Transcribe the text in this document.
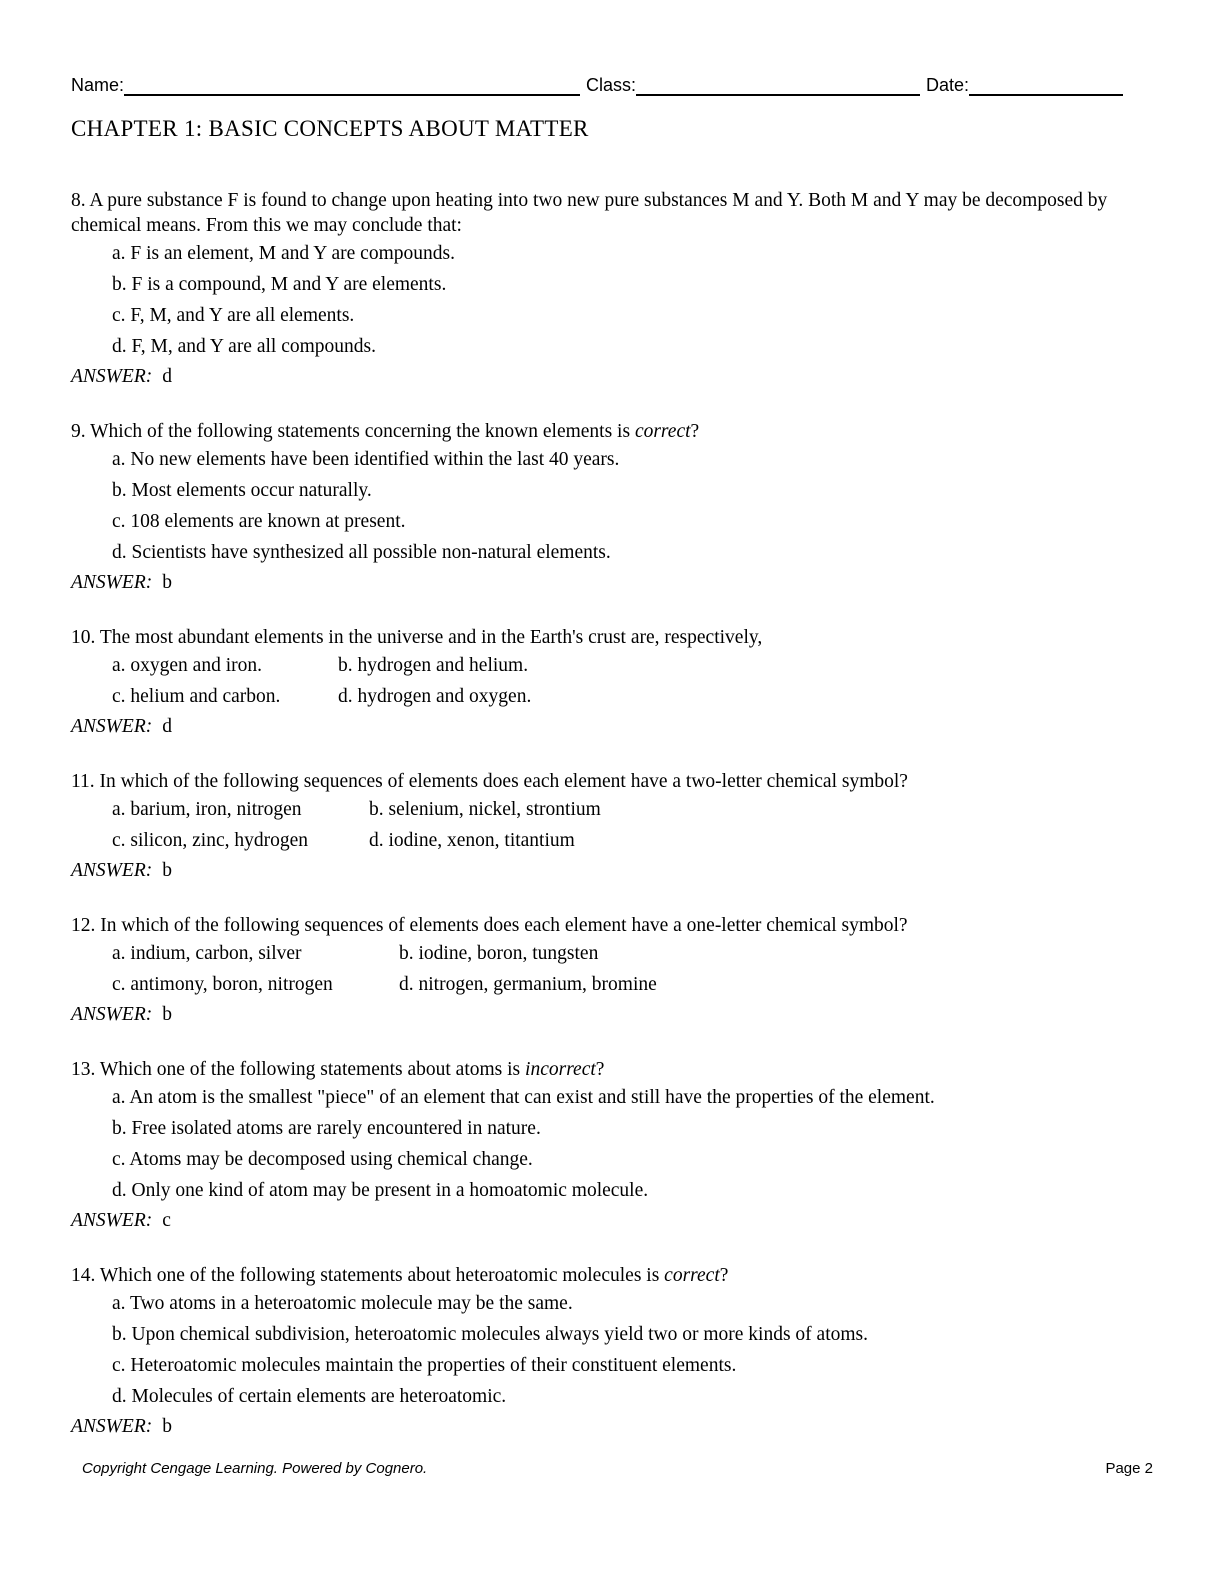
Name:	Class:	Date:
CHAPTER 1: BASIC CONCEPTS ABOUT MATTER

8. A pure substance F is found to change upon heating into two new pure substances M and Y. Both M and Y may be decomposed by chemical means. From this we may conclude that:

a. F is an element, M and Y are compounds.
b. F is a compound, M and Y are elements.
c. F, M, and Y are all elements.
d. F, M, and Y are all compounds.
ANSWER: d

9. Which of the following statements concerning the known elements is correct?

a. No new elements have been identified within the last 40 years.
b. Most elements occur naturally.
c. 108 elements are known at present.
d. Scientists have synthesized all possible non-natural elements.
ANSWER: b

10. The most abundant elements in the universe and in the Earth's crust are, respectively,

a. oxygen and iron.	b. hydrogen and helium.
c. helium and carbon.	d. hydrogen and oxygen.
ANSWER: d

11. In which of the following sequences of elements does each element have a two-letter chemical symbol?

a. barium, iron, nitrogen	b. selenium, nickel, strontium
c. silicon, zinc, hydrogen	d. iodine, xenon, titantium
ANSWER: b

12. In which of the following sequences of elements does each element have a one-letter chemical symbol?

a. indium, carbon, silver	b. iodine, boron, tungsten
c. antimony, boron, nitrogen	d. nitrogen, germanium, bromine
ANSWER: b

13. Which one of the following statements about atoms is incorrect?

a. An atom is the smallest "piece" of an element that can exist and still have the properties of the element.
b. Free isolated atoms are rarely encountered in nature.
c. Atoms may be decomposed using chemical change.
d. Only one kind of atom may be present in a homoatomic molecule.
ANSWER: c

14. Which one of the following statements about heteroatomic molecules is correct?

a. Two atoms in a heteroatomic molecule may be the same.
b. Upon chemical subdivision, heteroatomic molecules always yield two or more kinds of atoms.
c. Heteroatomic molecules maintain the properties of their constituent elements.
d. Molecules of certain elements are heteroatomic.
ANSWER: b
Copyright Cengage Learning. Powered by Cognero.	Page 2
